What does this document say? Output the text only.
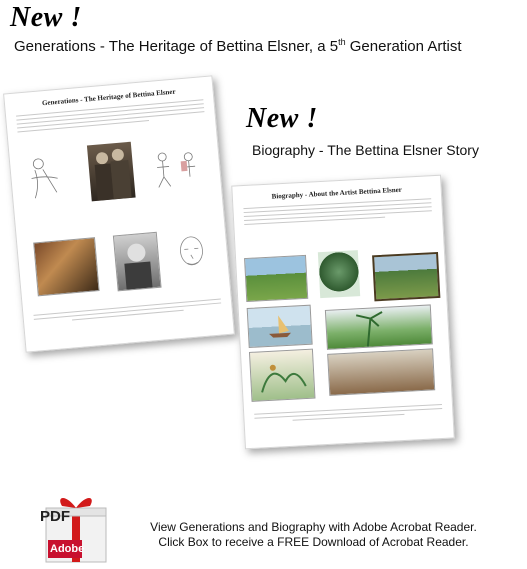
New !
Generations - The Heritage of Bettina Elsner, a 5th Generation Artist
Generations - The Heritage of Bettina Elsner
New !
Biography - The Bettina Elsner Story
Biography - About the Artist Bettina Elsner
PDF
Adobe
View Generations and Biography with Adobe Acrobat Reader.
Click Box to receive a FREE Download of Acrobat Reader.
